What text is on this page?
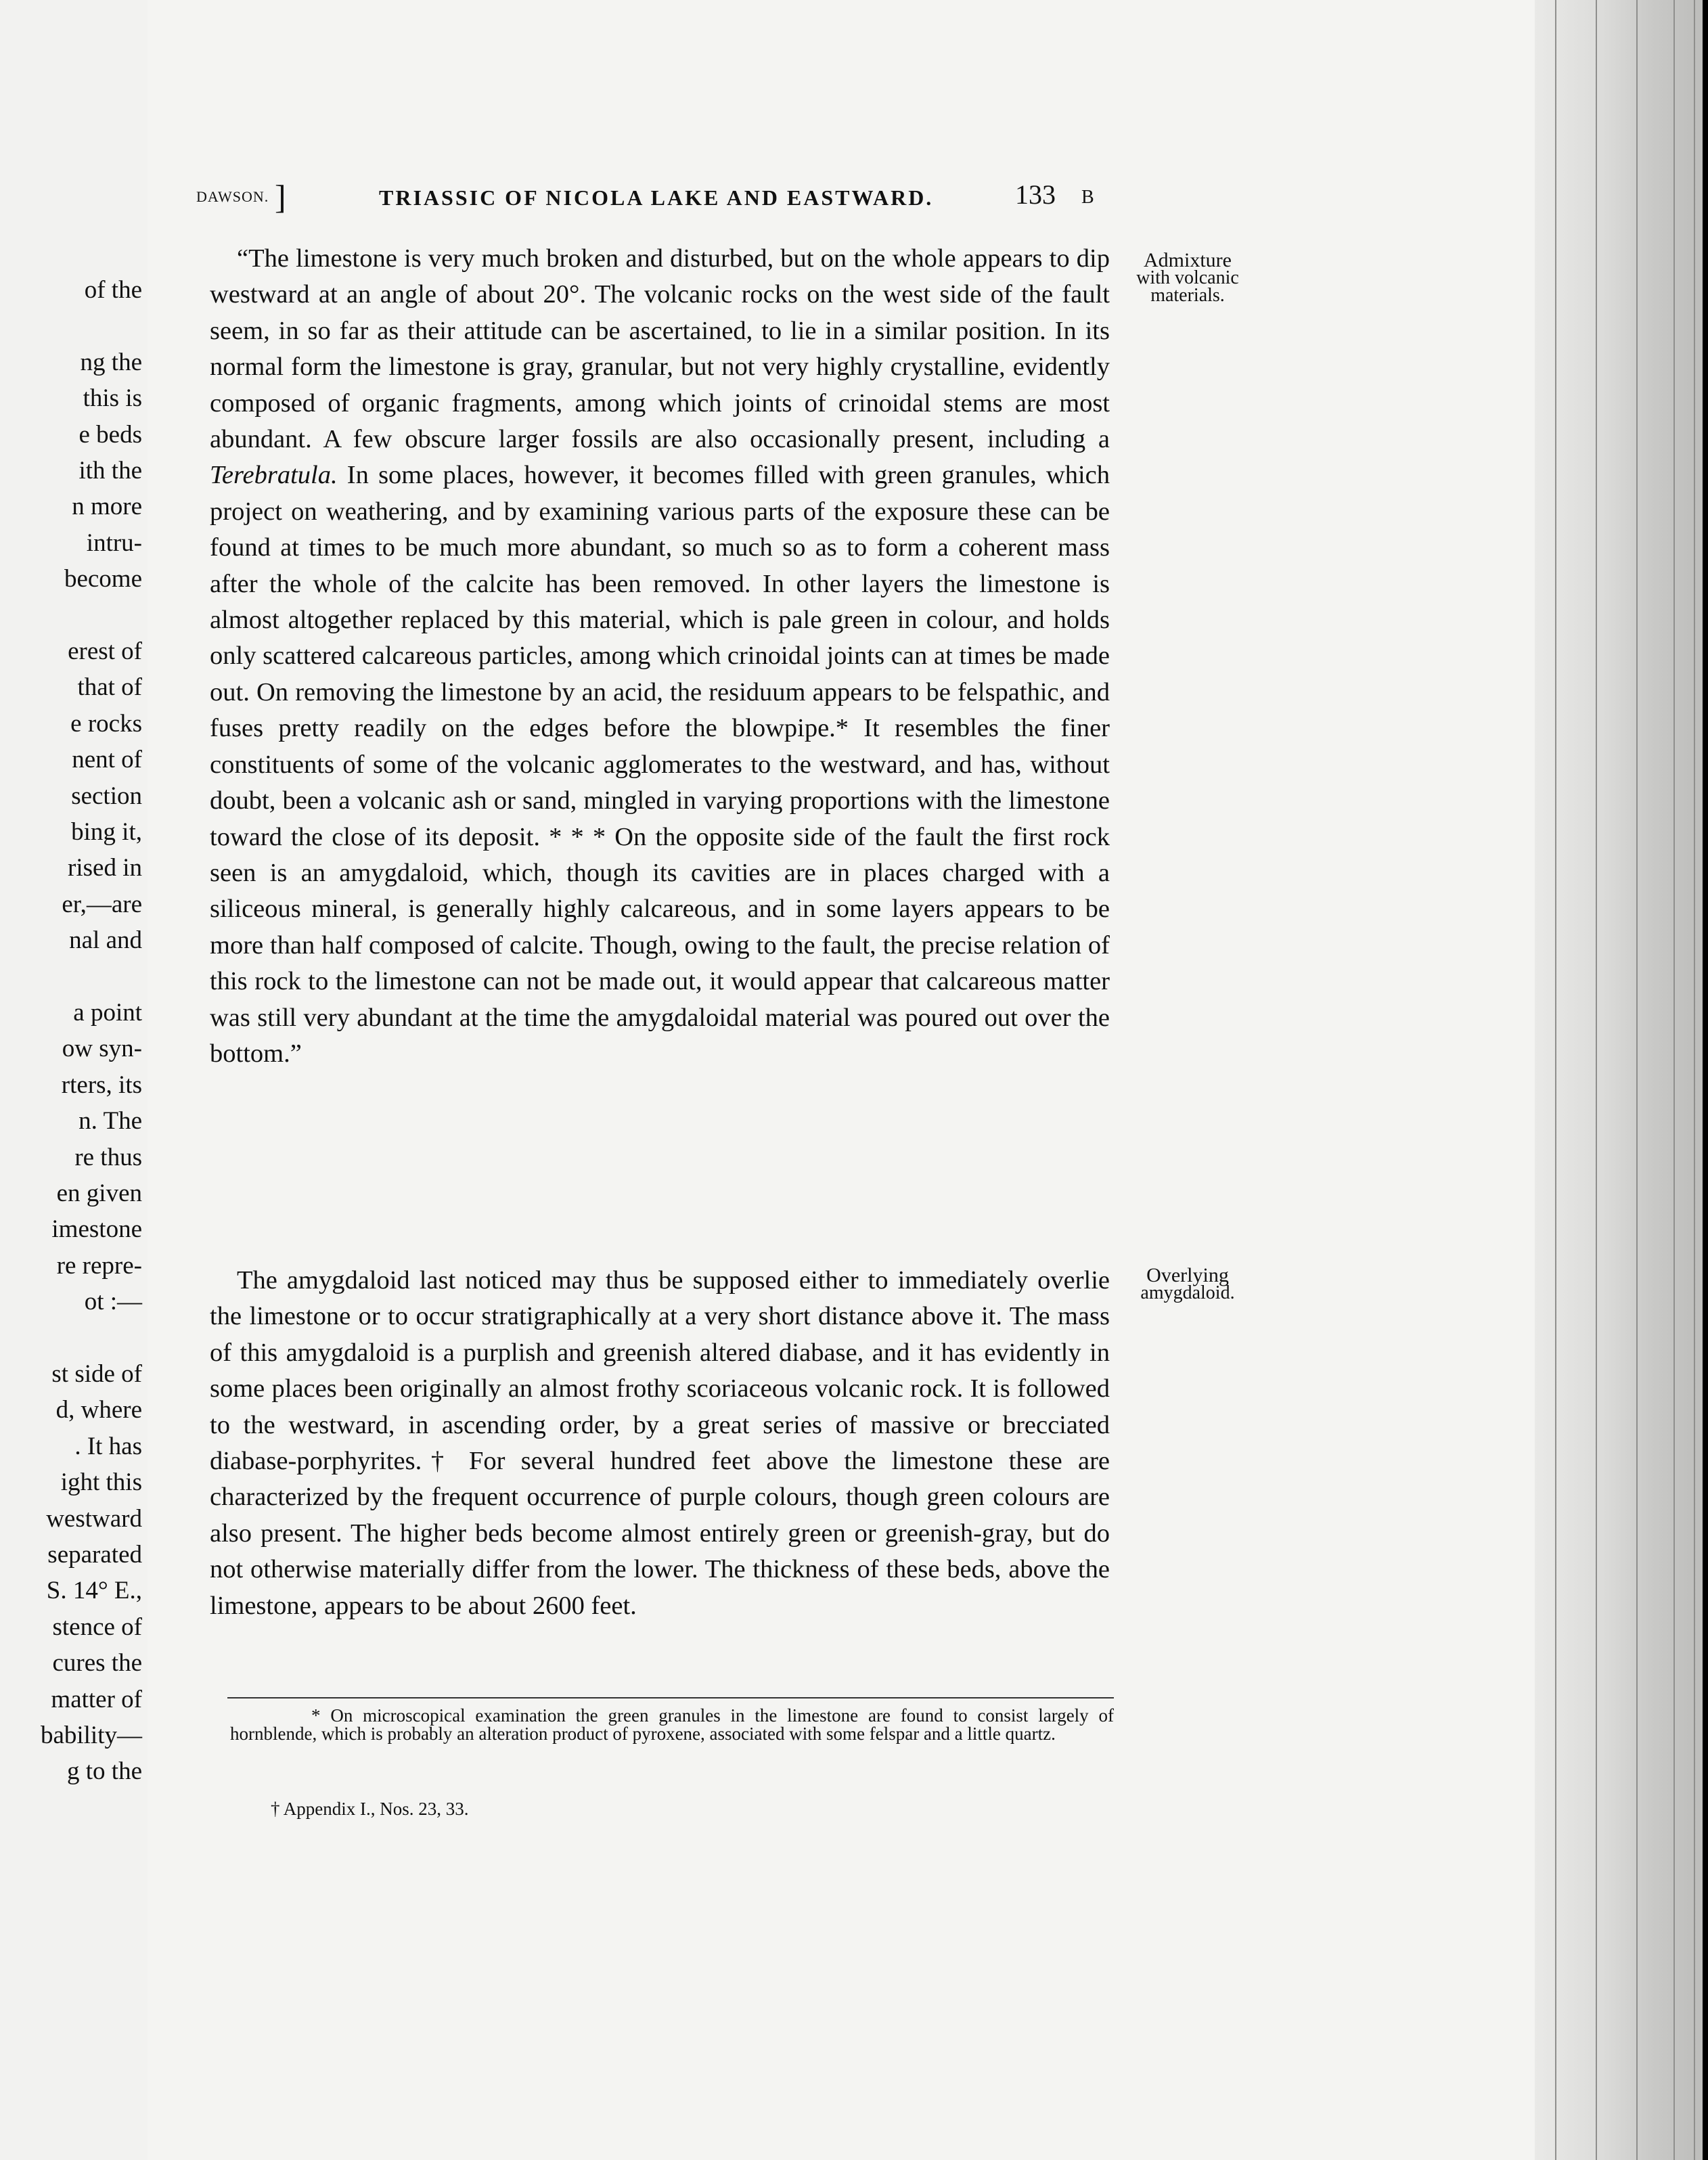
of the
ng the
this is
e beds
ith the
n more
intru-
become
erest of
that of
e rocks
nent of
section
bing it,
rised in
er,—are
nal and
a point
ow syn-
rters, its
n. The
re thus
en given
imestone
re repre-
ot :—
st side of
d, where
. It has
ight this
westward
separated
S. 14° E.,
stence of
cures the
matter of
bability—
g to the
DAWSON. ]	TRIASSIC OF NICOLA LAKE AND EASTWARD.	133 B
“The limestone is very much broken and disturbed, but on the whole appears to dip westward at an angle of about 20°. The volcanic rocks on the west side of the fault seem, in so far as their attitude can be ascertained, to lie in a similar position. In its normal form the limestone is gray, granular, but not very highly crystalline, evidently composed of organic fragments, among which joints of crinoidal stems are most abundant. A few obscure larger fossils are also occasionally present, including a Terebratula. In some places, however, it becomes filled with green granules, which project on weathering, and by examining various parts of the exposure these can be found at times to be much more abundant, so much so as to form a coherent mass after the whole of the calcite has been removed. In other layers the limestone is almost altogether replaced by this material, which is pale green in colour, and holds only scattered calcareous particles, among which crinoidal joints can at times be made out. On removing the limestone by an acid, the residuum appears to be felspathic, and fuses pretty readily on the edges before the blowpipe.* It resembles the finer constituents of some of the volcanic agglomerates to the westward, and has, without doubt, been a volcanic ash or sand, mingled in varying proportions with the limestone toward the close of its deposit. * * * On the opposite side of the fault the first rock seen is an amygdaloid, which, though its cavities are in places charged with a siliceous mineral, is generally highly calcareous, and in some layers appears to be more than half composed of calcite. Though, owing to the fault, the precise relation of this rock to the limestone can not be made out, it would appear that calcareous matter was still very abundant at the time the amygdaloidal material was poured out over the bottom.”
Admixture
with volcanic
materials.
The amygdaloid last noticed may thus be supposed either to immediately overlie the limestone or to occur stratigraphically at a very short distance above it. The mass of this amygdaloid is a purplish and greenish altered diabase, and it has evidently in some places been originally an almost frothy scoriaceous volcanic rock. It is followed to the westward, in ascending order, by a great series of massive or brecciated diabase-porphyrites.† For several hundred feet above the limestone these are characterized by the frequent occurrence of purple colours, though green colours are also present. The higher beds become almost entirely green or greenish-gray, but do not otherwise materially differ from the lower. The thickness of these beds, above the limestone, appears to be about 2600 feet.
Overlying
amygdaloid.
* On microscopical examination the green granules in the limestone are found to consist largely of hornblende, which is probably an alteration product of pyroxene, associated with some felspar and a little quartz.
† Appendix I., Nos. 23, 33.
